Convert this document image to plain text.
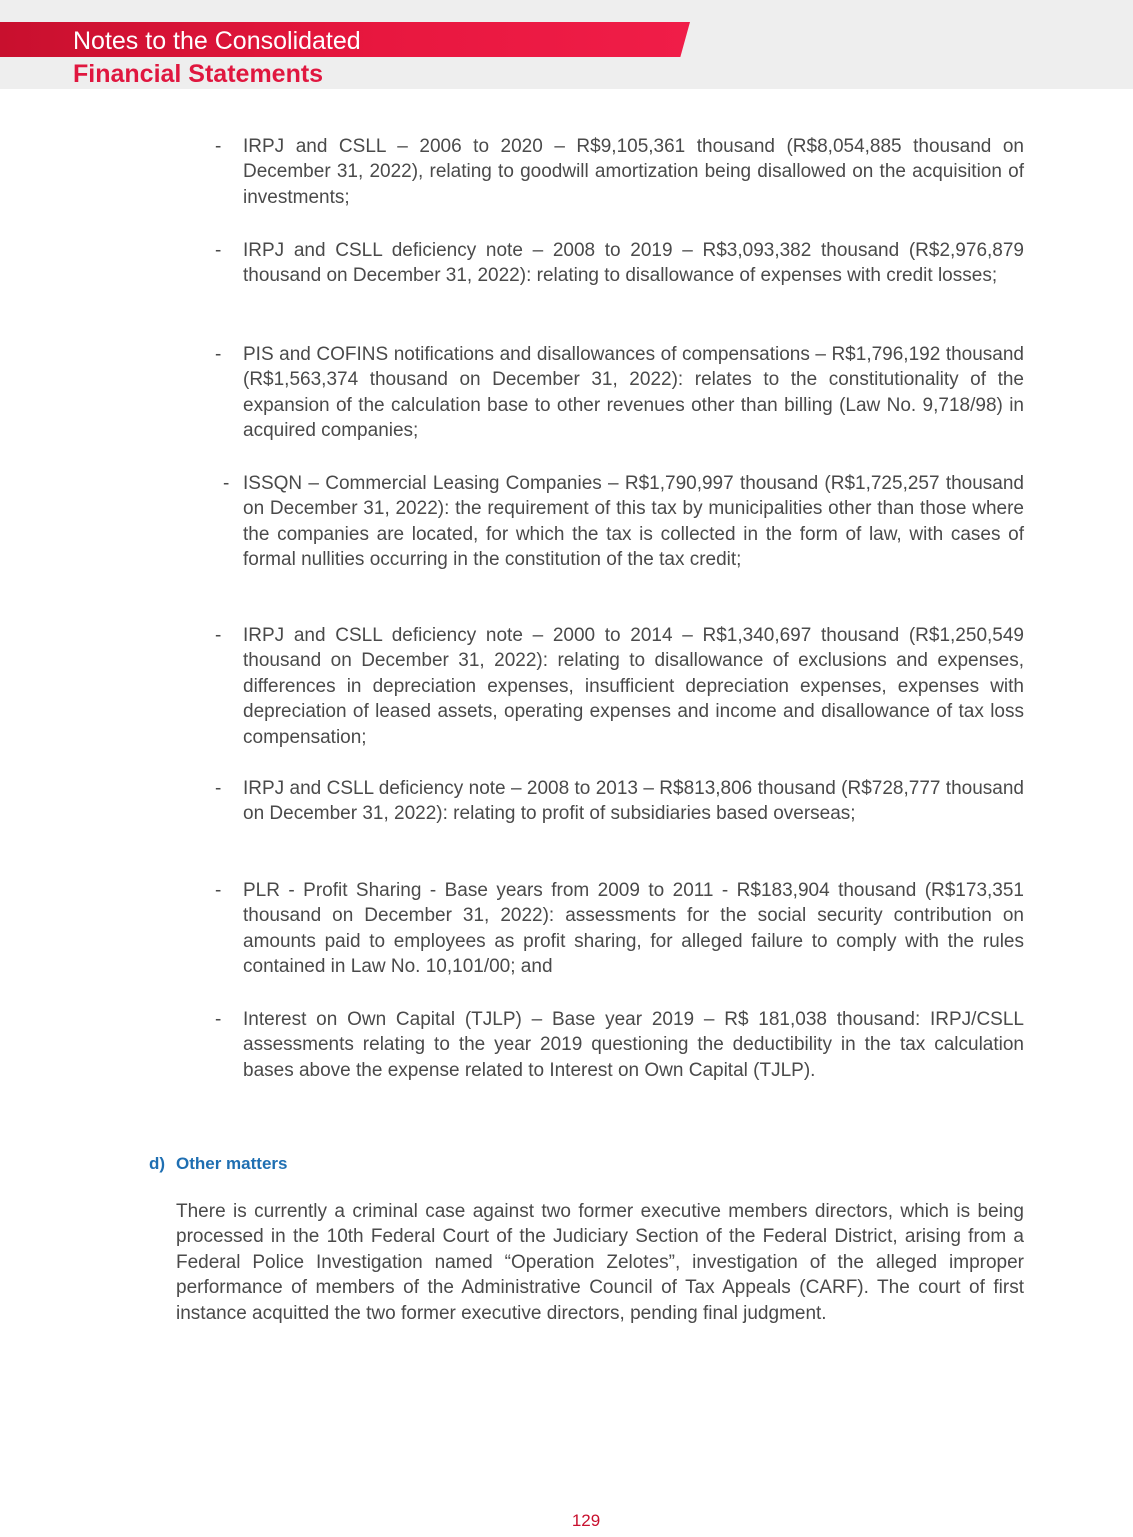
Notes to the Consolidated
Financial Statements
- IRPJ and CSLL – 2006 to 2020 – R$9,105,361 thousand (R$8,054,885 thousand on December 31, 2022), relating to goodwill amortization being disallowed on the acquisition of investments;
- IRPJ and CSLL deficiency note – 2008 to 2019 – R$3,093,382 thousand (R$2,976,879 thousand on December 31, 2022): relating to disallowance of expenses with credit losses;
- PIS and COFINS notifications and disallowances of compensations – R$1,796,192 thousand (R$1,563,374 thousand on December 31, 2022): relates to the constitutionality of the expansion of the calculation base to other revenues other than billing (Law No. 9,718/98) in acquired companies;
- ISSQN – Commercial Leasing Companies – R$1,790,997 thousand (R$1,725,257 thousand on December 31, 2022): the requirement of this tax by municipalities other than those where the companies are located, for which the tax is collected in the form of law, with cases of formal nullities occurring in the constitution of the tax credit;
- IRPJ and CSLL deficiency note – 2000 to 2014 – R$1,340,697 thousand (R$1,250,549 thousand on December 31, 2022): relating to disallowance of exclusions and expenses, differences in depreciation expenses, insufficient depreciation expenses, expenses with depreciation of leased assets, operating expenses and income and disallowance of tax loss compensation;
- IRPJ and CSLL deficiency note – 2008 to 2013 – R$813,806 thousand (R$728,777 thousand on December 31, 2022): relating to profit of subsidiaries based overseas;
- PLR - Profit Sharing - Base years from 2009 to 2011 - R$183,904 thousand (R$173,351 thousand on December 31, 2022): assessments for the social security contribution on amounts paid to employees as profit sharing, for alleged failure to comply with the rules contained in Law No. 10,101/00; and
- Interest on Own Capital (TJLP) – Base year 2019 – R$ 181,038 thousand: IRPJ/CSLL assessments relating to the year 2019 questioning the deductibility in the tax calculation bases above the expense related to Interest on Own Capital (TJLP).
d) Other matters
There is currently a criminal case against two former executive members directors, which is being processed in the 10th Federal Court of the Judiciary Section of the Federal District, arising from a Federal Police Investigation named “Operation Zelotes”, investigation of the alleged improper performance of members of the Administrative Council of Tax Appeals (CARF). The court of first instance acquitted the two former executive directors, pending final judgment.
129
